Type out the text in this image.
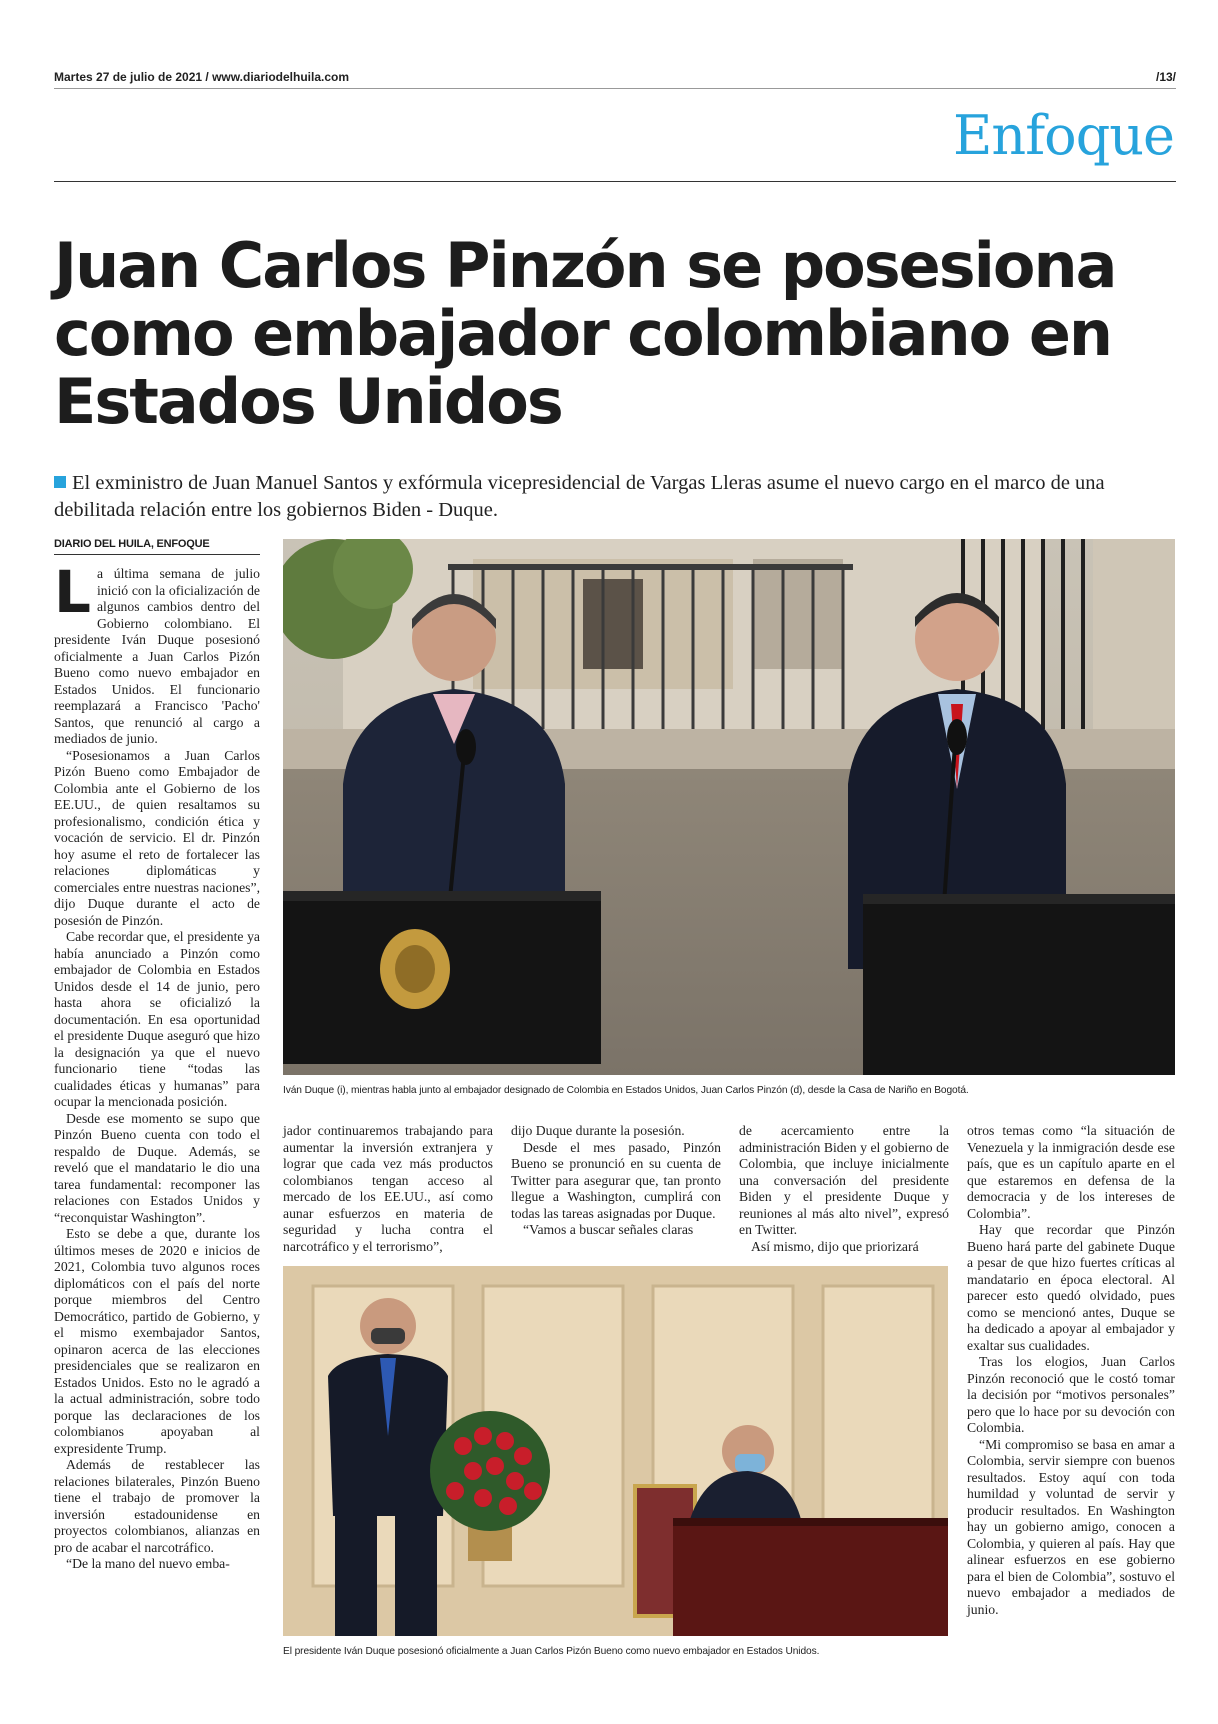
Martes 27 de julio de 2021 / www.diariodelhuila.com	/13/
Enfoque
Juan Carlos Pinzón se posesiona como embajador colombiano en Estados Unidos
El exministro de Juan Manuel Santos y exfórmula vicepresidencial de Vargas Lleras asume el nuevo cargo en el marco de una debilitada relación entre los gobiernos Biden - Duque.
DIARIO DEL HUILA, ENFOQUE

La última semana de julio inició con la oficialización de algunos cambios dentro del Gobierno colombiano. El presidente Iván Duque posesionó oficialmente a Juan Carlos Pizón Bueno como nuevo embajador en Estados Unidos. El funcionario reemplazará a Francisco 'Pacho' Santos, que renunció al cargo a mediados de junio.

“Posesionamos a Juan Carlos Pizón Bueno como Embajador de Colombia ante el Gobierno de los EE.UU., de quien resaltamos su profesionalismo, condición ética y vocación de servicio. El dr. Pinzón hoy asume el reto de fortalecer las relaciones diplomáticas y comerciales entre nuestras naciones”, dijo Duque durante el acto de posesión de Pinzón.

Cabe recordar que, el presidente ya había anunciado a Pinzón como embajador de Colombia en Estados Unidos desde el 14 de junio, pero hasta ahora se oficializó la documentación. En esa oportunidad el presidente Duque aseguró que hizo la designación ya que el nuevo funcionario tiene “todas las cualidades éticas y humanas” para ocupar la mencionada posición.

Desde ese momento se supo que Pinzón Bueno cuenta con todo el respaldo de Duque. Además, se reveló que el mandatario le dio una tarea fundamental: recomponer las relaciones con Estados Unidos y “reconquistar Washington”.

Esto se debe a que, durante los últimos meses de 2020 e inicios de 2021, Colombia tuvo algunos roces diplomáticos con el país del norte porque miembros del Centro Democrático, partido de Gobierno, y el mismo exembajador Santos, opinaron acerca de las elecciones presidenciales que se realizaron en Estados Unidos. Esto no le agradó a la actual administración, sobre todo porque las declaraciones de los colombianos apoyaban al expresidente Trump.

Además de restablecer las relaciones bilaterales, Pinzón Bueno tiene el trabajo de promover la inversión estadounidense en proyectos colombianos, alianzas en pro de acabar el narcotráfico.

“De la mano del nuevo emba-

Iván Duque (i), mientras habla junto al embajador designado de Colombia en Estados Unidos, Juan Carlos Pinzón (d), desde la Casa de Nariño en Bogotá.

jador continuaremos trabajando para aumentar la inversión extranjera y lograr que cada vez más productos colombianos tengan acceso al mercado de los EE.UU., así como aunar esfuerzos en materia de seguridad y lucha contra el narcotráfico y el terrorismo”,

dijo Duque durante la posesión.

Desde el mes pasado, Pinzón Bueno se pronunció en su cuenta de Twitter para asegurar que, tan pronto llegue a Washington, cumplirá con todas las tareas asignadas por Duque.

“Vamos a buscar señales claras

de acercamiento entre la administración Biden y el gobierno de Colombia, que incluye inicialmente una conversación del presidente Biden y el presidente Duque y reuniones al más alto nivel”, expresó en Twitter.

Así mismo, dijo que priorizará

El presidente Iván Duque posesionó oficialmente a Juan Carlos Pizón Bueno como nuevo embajador en Estados Unidos.

otros temas como “la situación de Venezuela y la inmigración desde ese país, que es un capítulo aparte en el que estaremos en defensa de la democracia y de los intereses de Colombia”.

Hay que recordar que Pinzón Bueno hará parte del gabinete Duque a pesar de que hizo fuertes críticas al mandatario en época electoral. Al parecer esto quedó olvidado, pues como se mencionó antes, Duque se ha dedicado a apoyar al embajador y exaltar sus cualidades.

Tras los elogios, Juan Carlos Pinzón reconoció que le costó tomar la decisión por “motivos personales” pero que lo hace por su devoción con Colombia.

“Mi compromiso se basa en amar a Colombia, servir siempre con buenos resultados. Estoy aquí con toda humildad y voluntad de servir y producir resultados. En Washington hay un gobierno amigo, conocen a Colombia, y quieren al país. Hay que alinear esfuerzos en ese gobierno para el bien de Colombia”, sostuvo el nuevo embajador a mediados de junio.
